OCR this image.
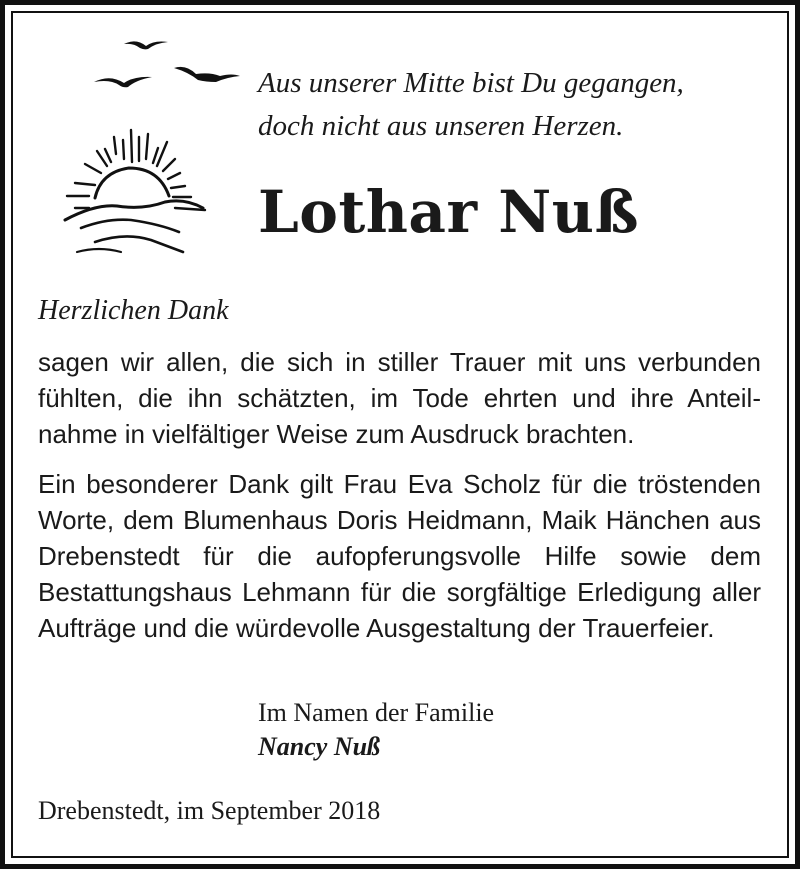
Aus unserer Mitte bist Du gegangen,
doch nicht aus unseren Herzen.
Lothar Nuß
Herzlichen Dank

sagen wir allen, die sich in stiller Trauer mit uns verbunden fühlten, die ihn schätzten, im Tode ehrten und ihre Anteilnahme in vielfältiger Weise zum Ausdruck brachten.

Ein besonderer Dank gilt Frau Eva Scholz für die tröstenden Worte, dem Blumenhaus Doris Heidmann, Maik Hänchen aus Drebenstedt für die aufopferungsvolle Hilfe sowie dem Bestattungshaus Lehmann für die sorgfältige Erledigung aller Aufträge und die würdevolle Ausgestaltung der Trauerfeier.

Im Namen der Familie
Nancy Nuß
Drebenstedt, im September 2018
